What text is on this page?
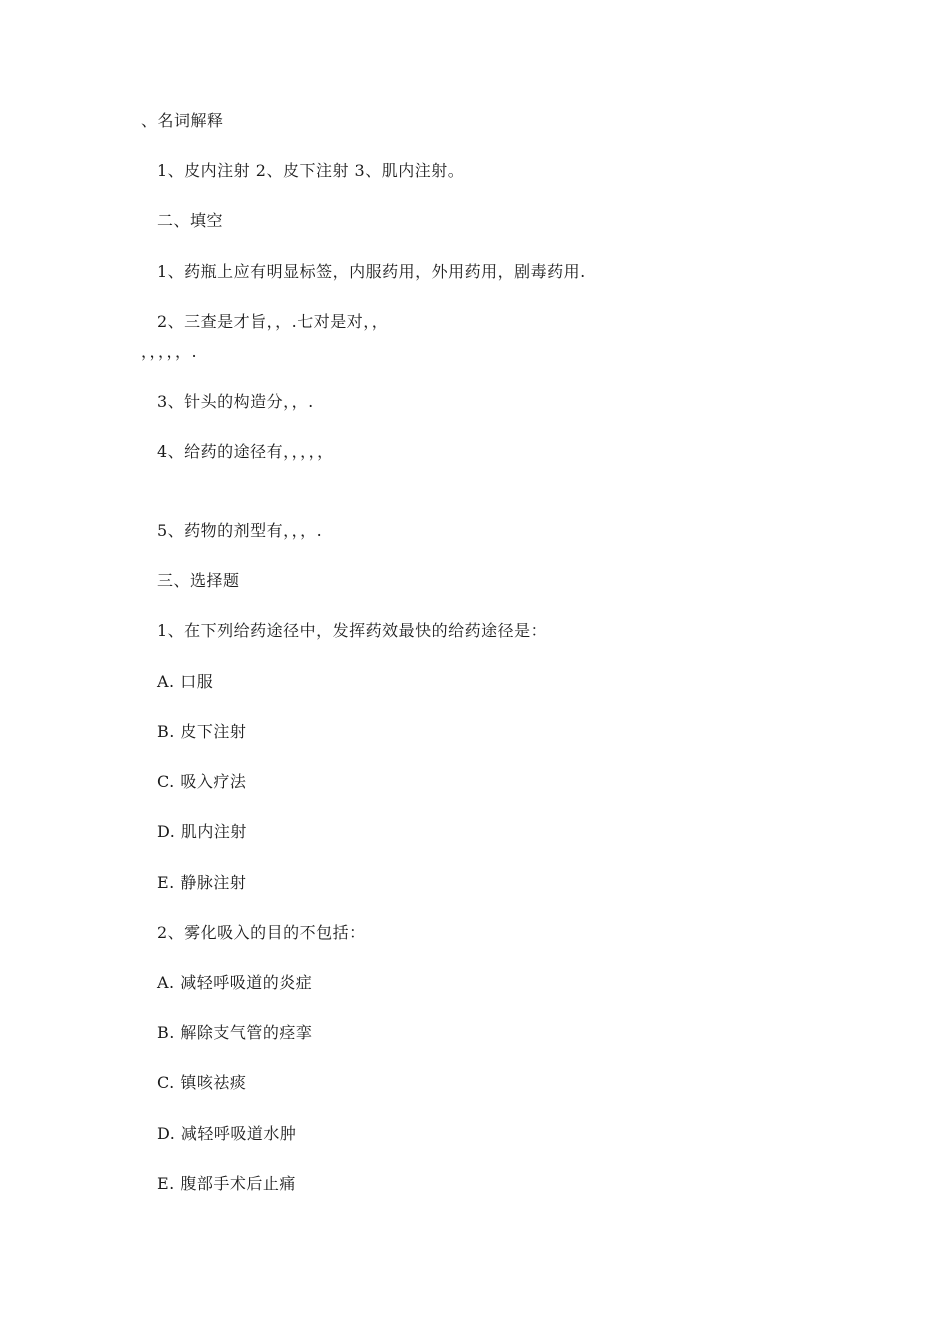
、名词解释
1、皮内注射 2、皮下注射 3、肌内注射。
二、填空
1、药瓶上应有明显标签，内服药用，外用药用，剧毒药用.
2、三查是才旨，，.七对是对，，
，，，，，.
3、针头的构造分，，.
4、给药的途径有，，，，，
5、药物的剂型有，，，.
三、选择题
1、在下列给药途径中，发挥药效最快的给药途径是：
A. 口服
B. 皮下注射
C. 吸入疗法
D. 肌内注射
E. 静脉注射
2、雾化吸入的目的不包括：
A. 减轻呼吸道的炎症
B. 解除支气管的痉挛
C. 镇咳祛痰
D. 减轻呼吸道水肿
E. 腹部手术后止痛
